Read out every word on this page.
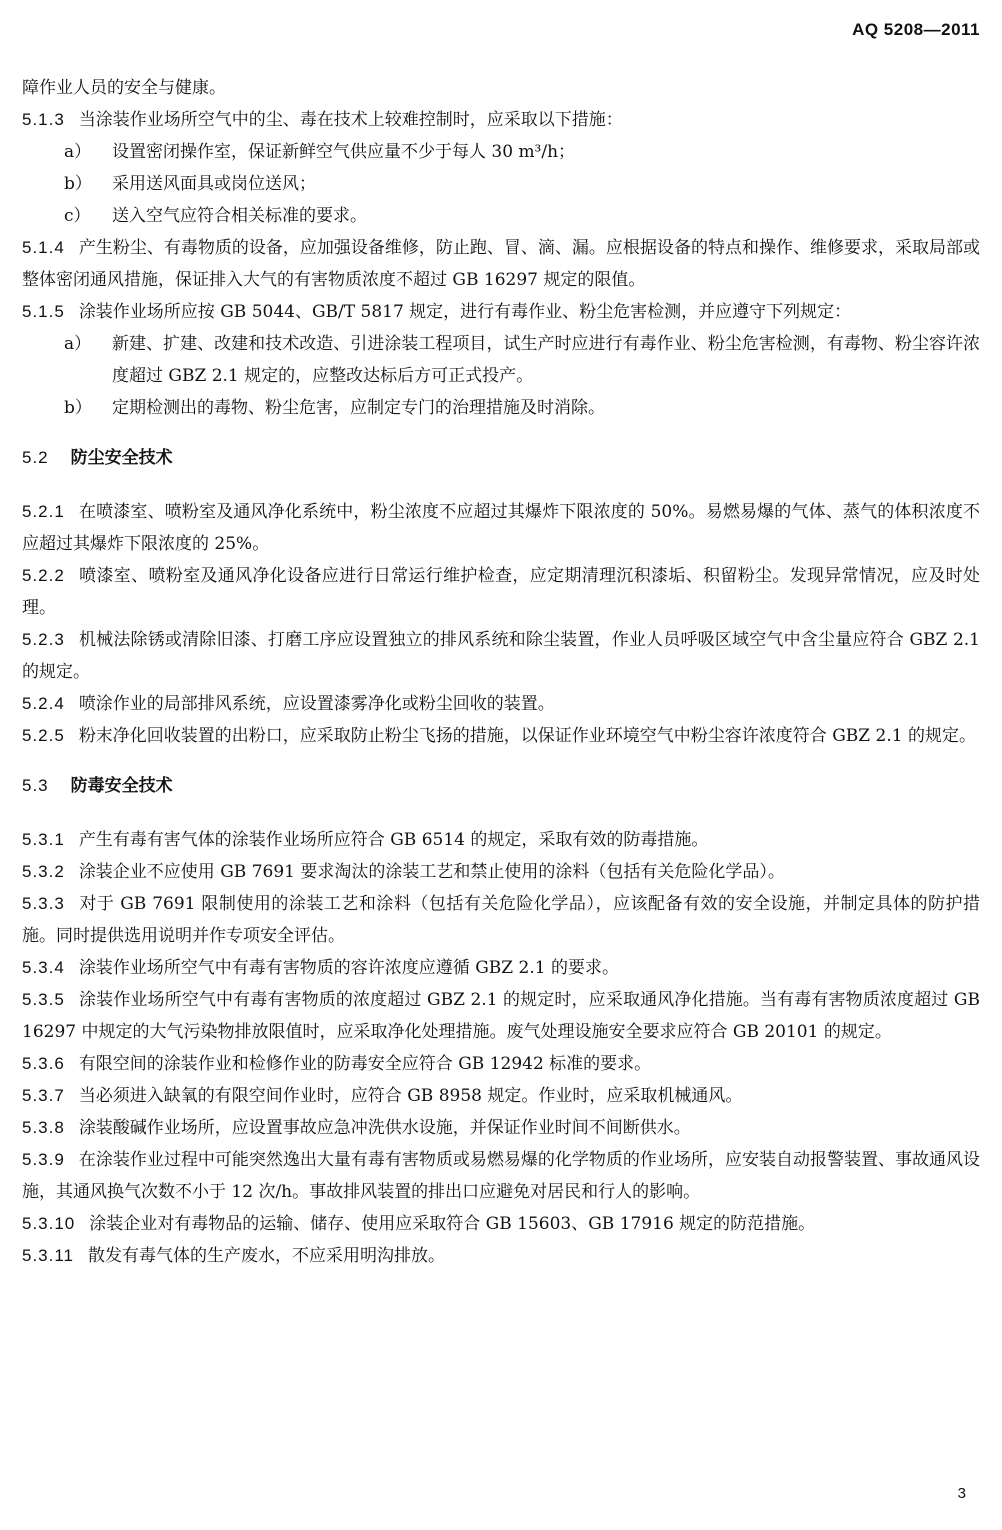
AQ 5208—2011
障作业人员的安全与健康。
5.1.3 当涂装作业场所空气中的尘、毒在技术上较难控制时，应采取以下措施：
a）	设置密闭操作室，保证新鲜空气供应量不少于每人 30 m³/h；
b）	采用送风面具或岗位送风；
c）	送入空气应符合相关标准的要求。
5.1.4 产生粉尘、有毒物质的设备，应加强设备维修，防止跑、冒、滴、漏。应根据设备的特点和操作、维修要求，采取局部或整体密闭通风措施，保证排入大气的有害物质浓度不超过 GB 16297 规定的限值。
5.1.5 涂装作业场所应按 GB 5044、GB/T 5817 规定，进行有毒作业、粉尘危害检测，并应遵守下列规定：
a）	新建、扩建、改建和技术改造、引进涂装工程项目，试生产时应进行有毒作业、粉尘危害检测，有毒物、粉尘容许浓度超过 GBZ 2.1 规定的，应整改达标后方可正式投产。
b）	定期检测出的毒物、粉尘危害，应制定专门的治理措施及时消除。
5.2 防尘安全技术
5.2.1 在喷漆室、喷粉室及通风净化系统中，粉尘浓度不应超过其爆炸下限浓度的 50%。易燃易爆的气体、蒸气的体积浓度不应超过其爆炸下限浓度的 25%。
5.2.2 喷漆室、喷粉室及通风净化设备应进行日常运行维护检查，应定期清理沉积漆垢、积留粉尘。发现异常情况，应及时处理。
5.2.3 机械法除锈或清除旧漆、打磨工序应设置独立的排风系统和除尘装置，作业人员呼吸区域空气中含尘量应符合 GBZ 2.1 的规定。
5.2.4 喷涂作业的局部排风系统，应设置漆雾净化或粉尘回收的装置。
5.2.5 粉末净化回收装置的出粉口，应采取防止粉尘飞扬的措施，以保证作业环境空气中粉尘容许浓度符合 GBZ 2.1 的规定。
5.3 防毒安全技术
5.3.1 产生有毒有害气体的涂装作业场所应符合 GB 6514 的规定，采取有效的防毒措施。
5.3.2 涂装企业不应使用 GB 7691 要求淘汰的涂装工艺和禁止使用的涂料（包括有关危险化学品）。
5.3.3 对于 GB 7691 限制使用的涂装工艺和涂料（包括有关危险化学品），应该配备有效的安全设施，并制定具体的防护措施。同时提供选用说明并作专项安全评估。
5.3.4 涂装作业场所空气中有毒有害物质的容许浓度应遵循 GBZ 2.1 的要求。
5.3.5 涂装作业场所空气中有毒有害物质的浓度超过 GBZ 2.1 的规定时，应采取通风净化措施。当有毒有害物质浓度超过 GB 16297 中规定的大气污染物排放限值时，应采取净化处理措施。废气处理设施安全要求应符合 GB 20101 的规定。
5.3.6 有限空间的涂装作业和检修作业的防毒安全应符合 GB 12942 标准的要求。
5.3.7 当必须进入缺氧的有限空间作业时，应符合 GB 8958 规定。作业时，应采取机械通风。
5.3.8 涂装酸碱作业场所，应设置事故应急冲洗供水设施，并保证作业时间不间断供水。
5.3.9 在涂装作业过程中可能突然逸出大量有毒有害物质或易燃易爆的化学物质的作业场所，应安装自动报警装置、事故通风设施，其通风换气次数不小于 12 次/h。事故排风装置的排出口应避免对居民和行人的影响。
5.3.10 涂装企业对有毒物品的运输、储存、使用应采取符合 GB 15603、GB 17916 规定的防范措施。
5.3.11 散发有毒气体的生产废水，不应采用明沟排放。
3
